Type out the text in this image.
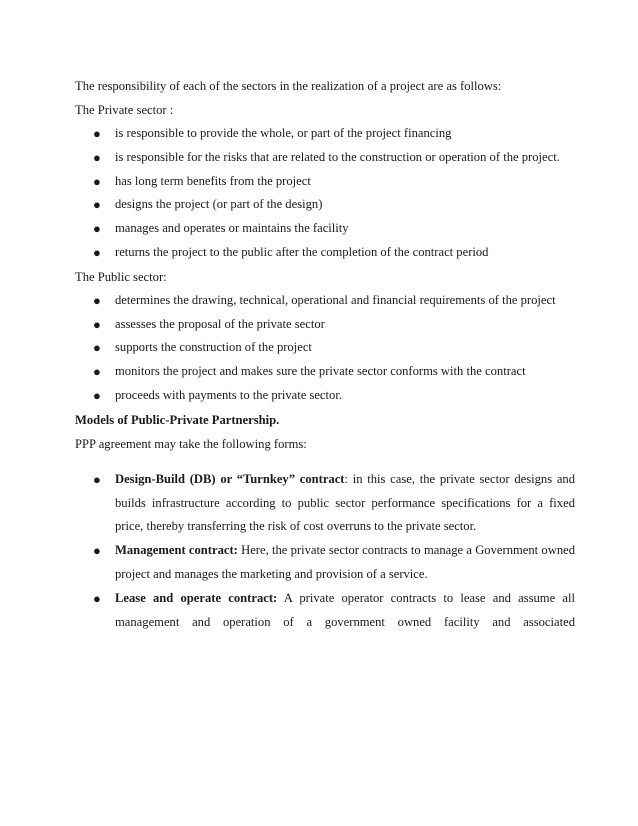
The responsibility of each of the sectors in the realization of a project are as follows:

The Private sector :

●	is responsible to provide the whole, or part of the project financing
●	is responsible for the risks that are related to the construction or operation of the project.
●	has long term benefits from the project
●	designs the project (or part of the design)
●	manages and operates or maintains the facility
●	returns the project to the public after the completion of the contract period

The Public sector:

●	determines the drawing, technical, operational and financial requirements of the project
●	assesses the proposal of the private sector
●	supports the construction of the project
●	monitors the project and makes sure the private sector conforms with the contract
●	proceeds with payments to the private sector.

Models of Public-Private Partnership.

PPP agreement may take the following forms:

●	Design-Build (DB) or “Turnkey” contract: in this case, the private sector designs and builds infrastructure according to public sector performance specifications for a fixed price, thereby transferring the risk of cost overruns to the private sector.
●	Management contract: Here, the private sector contracts to manage a Government owned project and manages the marketing and provision of a service.
●	Lease and operate contract: A private operator contracts to lease and assume all management and operation of a government owned facility and associated
